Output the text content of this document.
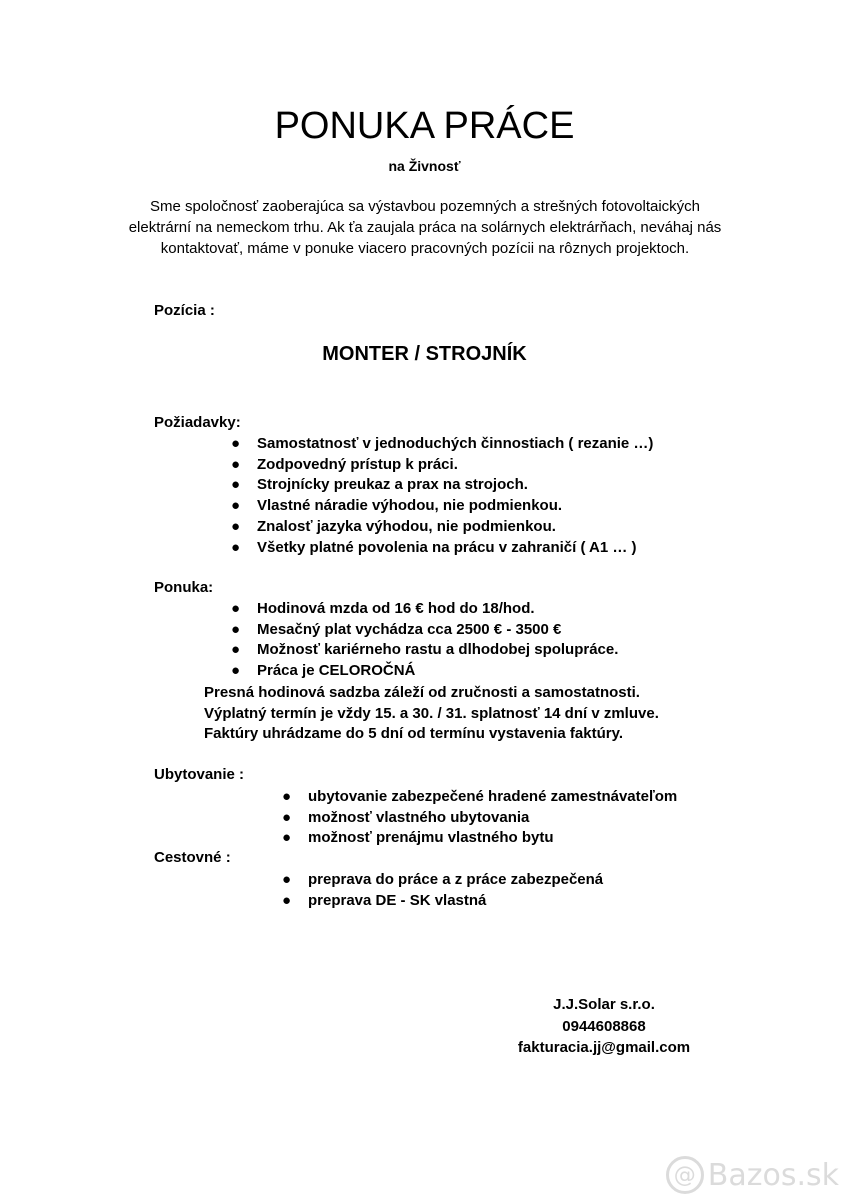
PONUKA PRÁCE
na Živnosť
Sme spoločnosť zaoberajúca sa výstavbou pozemných a strešných fotovoltaických
elektrární na nemeckom trhu. Ak ťa zaujala práca na solárnych elektrárňach, neváhaj nás
kontaktovať, máme v ponuke viacero pracovných pozícii na rôznych projektoch.
Pozícia :
MONTER / STROJNÍK
Požiadavky:
● Samostatnosť v jednoduchých činnostiach ( rezanie …)
● Zodpovedný prístup k práci.
● Strojnícky preukaz a prax na strojoch.
● Vlastné náradie výhodou, nie podmienkou.
● Znalosť jazyka výhodou, nie podmienkou.
● Všetky platné povolenia na prácu v zahraničí ( A1 … )
Ponuka:
● Hodinová mzda od 16 € hod do 18/hod.
● Mesačný plat vychádza cca 2500 € - 3500 €
● Možnosť kariérneho rastu a dlhodobej spolupráce.
● Práca je CELOROČNÁ
Presná hodinová sadzba záleží od zručnosti a samostatnosti.
Výplatný termín je vždy 15. a 30. / 31. splatnosť 14 dní v zmluve.
Faktúry uhrádzame do 5 dní od termínu vystavenia faktúry.
Ubytovanie :
● ubytovanie zabezpečené hradené zamestnávateľom
● možnosť vlastného ubytovania
● možnosť prenájmu vlastného bytu
Cestovné :
● preprava do práce a z práce zabezpečená
● preprava DE - SK vlastná
J.J.Solar s.r.o.
0944608868
fakturacia.jj@gmail.com
@ Bazos.sk
